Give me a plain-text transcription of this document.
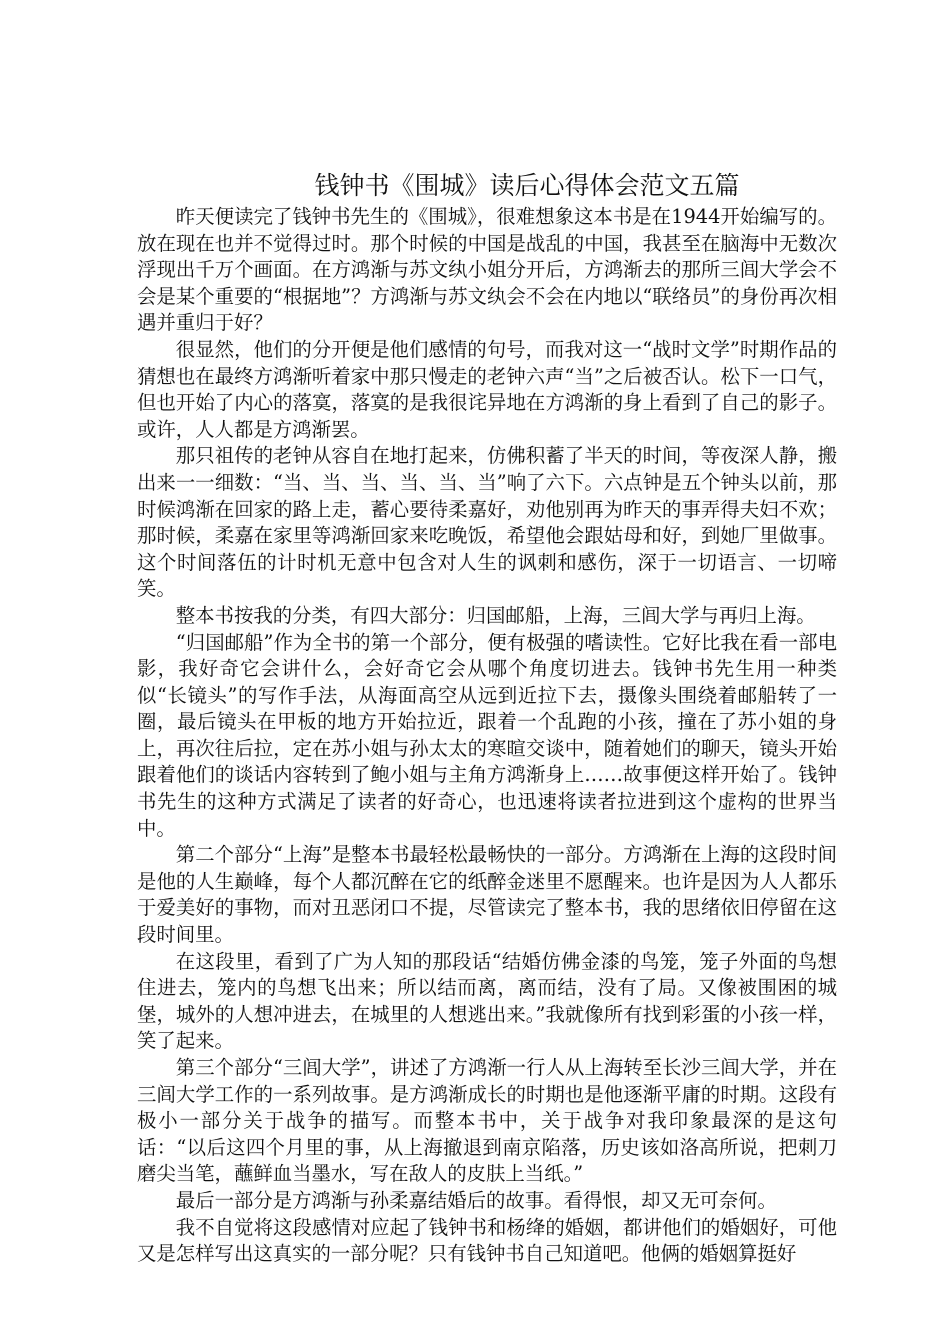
钱钟书《围城》读后心得体会范文五篇

昨天便读完了钱钟书先生的《围城》，很难想象这本书是在1944开始编写的。放在现在也并不觉得过时。那个时候的中国是战乱的中国，我甚至在脑海中无数次浮现出千万个画面。在方鸿渐与苏文纨小姐分开后，方鸿渐去的那所三闾大学会不会是某个重要的“根据地”？方鸿渐与苏文纨会不会在内地以“联络员”的身份再次相遇并重归于好？

很显然，他们的分开便是他们感情的句号，而我对这一“战时文学”时期作品的猜想也在最终方鸿渐听着家中那只慢走的老钟六声“当”之后被否认。松下一口气，但也开始了内心的落寞，落寞的是我很诧异地在方鸿渐的身上看到了自己的影子。或许，人人都是方鸿渐罢。

那只祖传的老钟从容自在地打起来，仿佛积蓄了半天的时间，等夜深人静，搬出来一一细数：“当、当、当、当、当、当”响了六下。六点钟是五个钟头以前，那时候鸿渐在回家的路上走，蓄心要待柔嘉好，劝他别再为昨天的事弄得夫妇不欢；那时候，柔嘉在家里等鸿渐回家来吃晚饭，希望他会跟姑母和好，到她厂里做事。这个时间落伍的计时机无意中包含对人生的讽刺和感伤，深于一切语言、一切啼笑。

整本书按我的分类，有四大部分：归国邮船，上海，三闾大学与再归上海。

“归国邮船”作为全书的第一个部分，便有极强的嗜读性。它好比我在看一部电影，我好奇它会讲什么，会好奇它会从哪个角度切进去。钱钟书先生用一种类似“长镜头”的写作手法，从海面高空从远到近拉下去，摄像头围绕着邮船转了一圈，最后镜头在甲板的地方开始拉近，跟着一个乱跑的小孩，撞在了苏小姐的身上，再次往后拉，定在苏小姐与孙太太的寒暄交谈中，随着她们的聊天，镜头开始跟着他们的谈话内容转到了鲍小姐与主角方鸿渐身上……故事便这样开始了。钱钟书先生的这种方式满足了读者的好奇心，也迅速将读者拉进到这个虚构的世界当中。

第二个部分“上海”是整本书最轻松最畅快的一部分。方鸿渐在上海的这段时间是他的人生巅峰，每个人都沉醉在它的纸醉金迷里不愿醒来。也许是因为人人都乐于爱美好的事物，而对丑恶闭口不提，尽管读完了整本书，我的思绪依旧停留在这段时间里。

在这段里，看到了广为人知的那段话“结婚仿佛金漆的鸟笼，笼子外面的鸟想住进去，笼内的鸟想飞出来；所以结而离，离而结，没有了局。又像被围困的城堡，城外的人想冲进去，在城里的人想逃出来。”我就像所有找到彩蛋的小孩一样，笑了起来。

第三个部分“三闾大学”，讲述了方鸿渐一行人从上海转至长沙三闾大学，并在三闾大学工作的一系列故事。是方鸿渐成长的时期也是他逐渐平庸的时期。这段有极小一部分关于战争的描写。而整本书中，关于战争对我印象最深的是这句话：“以后这四个月里的事，从上海撤退到南京陷落，历史该如洛高所说，把刺刀磨尖当笔，蘸鲜血当墨水，写在敌人的皮肤上当纸。”

最后一部分是方鸿渐与孙柔嘉结婚后的故事。看得恨，却又无可奈何。

我不自觉将这段感情对应起了钱钟书和杨绛的婚姻，都讲他们的婚姻好，可他又是怎样写出这真实的一部分呢？只有钱钟书自己知道吧。他俩的婚姻算挺好
